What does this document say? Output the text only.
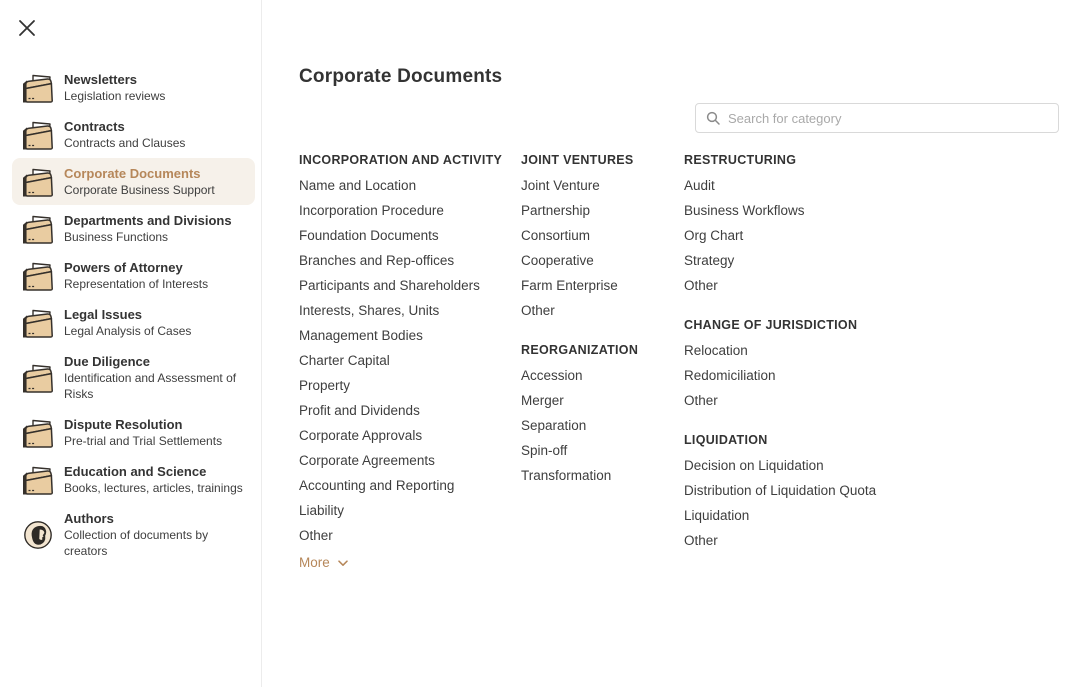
Newsletters
Legislation reviews
Contracts
Contracts and Clauses
Corporate Documents
Corporate Business Support
Departments and Divisions
Business Functions
Powers of Attorney
Representation of Interests
Legal Issues
Legal Analysis of Cases
Due Diligence
Identification and Assessment of Risks
Dispute Resolution
Pre-trial and Trial Settlements
Education and Science
Books, lectures, articles, trainings
Authors
Collection of documents by creators
Corporate Documents
Search for category
INCORPORATION AND ACTIVITY
Name and Location
Incorporation Procedure
Foundation Documents
Branches and Rep-offices
Participants and Shareholders
Interests, Shares, Units
Management Bodies
Charter Capital
Property
Profit and Dividends
Corporate Approvals
Corporate Agreements
Accounting and Reporting
Liability
Other
More
JOINT VENTURES
Joint Venture
Partnership
Consortium
Cooperative
Farm Enterprise
Other
REORGANIZATION
Accession
Merger
Separation
Spin-off
Transformation
RESTRUCTURING
Audit
Business Workflows
Org Chart
Strategy
Other
CHANGE OF JURISDICTION
Relocation
Redomiciliation
Other
LIQUIDATION
Decision on Liquidation
Distribution of Liquidation Quota
Liquidation
Other
